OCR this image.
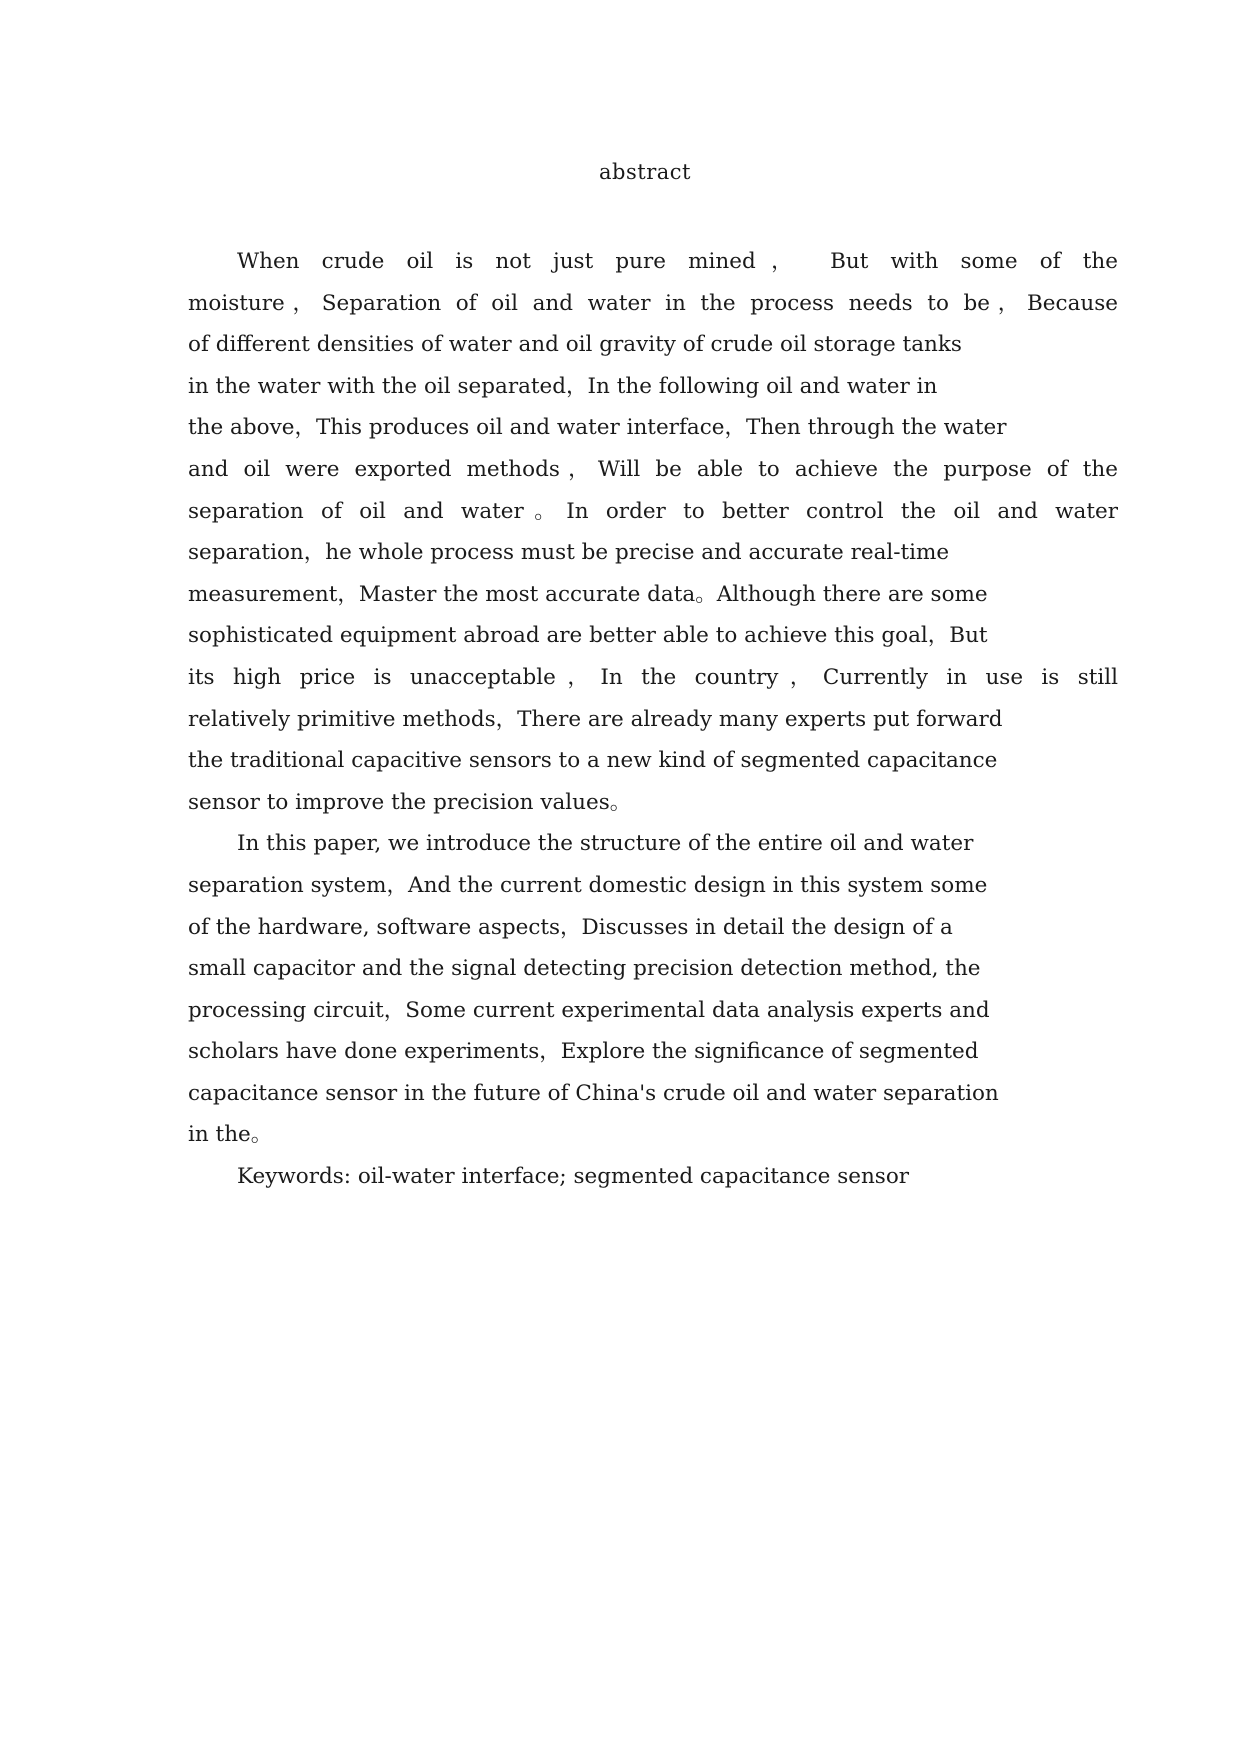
abstract
When crude oil is not just pure mined， But with some of the
moisture，Separation of oil and water in the process needs to be，Because
of different densities of water and oil gravity of crude oil storage tanks
in the water with the oil separated，In the following oil and water in
the above，This produces oil and water interface，Then through the water
and oil were exported methods，Will be able to achieve the purpose of the
separation of oil and water。In order to better control the oil and water
separation，he whole process must be precise and accurate real-time
measurement，Master the most accurate data。Although there are some
sophisticated equipment abroad are better able to achieve this goal，But
its high price is unacceptable，In the country，Currently in use is still
relatively primitive methods，There are already many experts put forward
the traditional capacitive sensors to a new kind of segmented capacitance
sensor to improve the precision values。
In this paper, we introduce the structure of the entire oil and water
separation system，And the current domestic design in this system some
of the hardware, software aspects，Discusses in detail the design of a
small capacitor and the signal detecting precision detection method, the
processing circuit，Some current experimental data analysis experts and
scholars have done experiments，Explore the significance of segmented
capacitance sensor in the future of China's crude oil and water separation
in the。
Keywords: oil-water interface; segmented capacitance sensor
